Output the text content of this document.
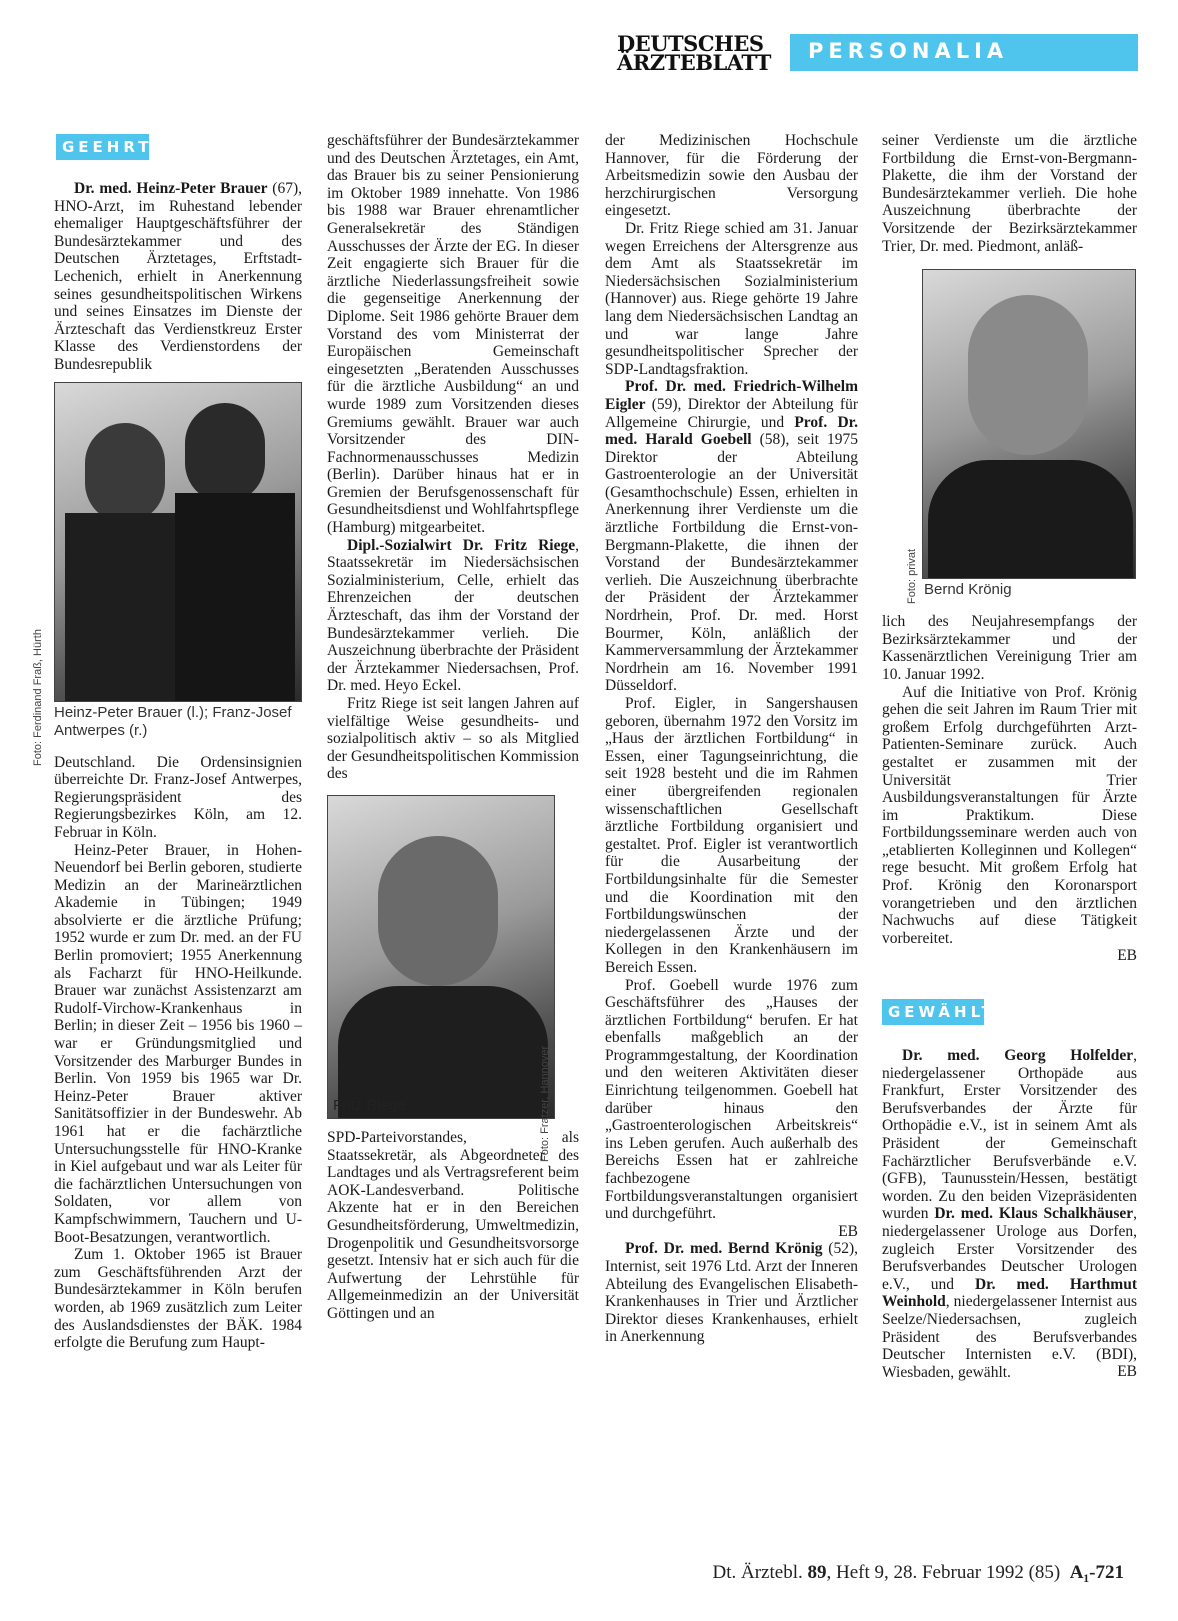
DEUTSCHES
ÄRZTEBLATT	PERSONALIA
GEEHRT

Dr. med. Heinz-Peter Brauer (67), HNO-Arzt, im Ruhestand lebender ehemaliger Hauptgeschäftsführer der Bundesärztekammer und des Deutschen Ärztetages, Erftstadt-Lechenich, erhielt in Anerkennung seines gesundheitspolitischen Wirkens und seines Einsatzes im Dienste der Ärzteschaft das Verdienstkreuz Erster Klasse des Verdienstordens der Bundesrepublik

Foto: Ferdinand Fraß, Hürth Heinz-Peter Brauer (l.); Franz-Josef Antwerpes (r.)

Deutschland. Die Ordensinsignien überreichte Dr. Franz-Josef Antwerpes, Regierungspräsident des Regierungsbezirkes Köln, am 12. Februar in Köln.

Heinz-Peter Brauer, in Hohen-Neuendorf bei Berlin geboren, studierte Medizin an der Marineärztlichen Akademie in Tübingen; 1949 absolvierte er die ärztliche Prüfung; 1952 wurde er zum Dr. med. an der FU Berlin promoviert; 1955 Anerkennung als Facharzt für HNO-Heilkunde. Brauer war zunächst Assistenzarzt am Rudolf-Virchow-Krankenhaus in Berlin; in dieser Zeit – 1956 bis 1960 – war er Gründungsmitglied und Vorsitzender des Marburger Bundes in Berlin. Von 1959 bis 1965 war Dr. Heinz-Peter Brauer aktiver Sanitätsoffizier in der Bundeswehr. Ab 1961 hat er die fachärztliche Untersuchungsstelle für HNO-Kranke in Kiel aufgebaut und war als Leiter für die fachärztlichen Untersuchungen von Soldaten, vor allem von Kampfschwimmern, Tauchern und U-Boot-Besatzungen, verantwortlich.

Zum 1. Oktober 1965 ist Brauer zum Geschäftsführenden Arzt der Bundesärztekammer in Köln berufen worden, ab 1969 zusätzlich zum Leiter des Auslandsdienstes der BÄK. 1984 erfolgte die Berufung zum Haupt-

geschäftsführer der Bundesärztekammer und des Deutschen Ärztetages, ein Amt, das Brauer bis zu seiner Pensionierung im Oktober 1989 innehatte. Von 1986 bis 1988 war Brauer ehrenamtlicher Generalsekretär des Ständigen Ausschusses der Ärzte der EG. In dieser Zeit engagierte sich Brauer für die ärztliche Niederlassungsfreiheit sowie die gegenseitige Anerkennung der Diplome. Seit 1986 gehörte Brauer dem Vorstand des vom Ministerrat der Europäischen Gemeinschaft eingesetzten „Beratenden Ausschusses für die ärztliche Ausbildung“ an und wurde 1989 zum Vorsitzenden dieses Gremiums gewählt. Brauer war auch Vorsitzender des DIN-Fachnormenausschusses Medizin (Berlin). Darüber hinaus hat er in Gremien der Berufsgenossenschaft für Gesundheitsdienst und Wohlfahrtspflege (Hamburg) mitgearbeitet.

Dipl.-Sozialwirt Dr. Fritz Riege, Staatssekretär im Niedersächsischen Sozialministerium, Celle, erhielt das Ehrenzeichen der deutschen Ärzteschaft, das ihm der Vorstand der Bundesärztekammer verlieh. Die Auszeichnung überbrachte der Präsident der Ärztekammer Niedersachsen, Prof. Dr. med. Heyo Eckel.

Fritz Riege ist seit langen Jahren auf vielfältige Weise gesundheits- und sozialpolitisch aktiv – so als Mitglied der Gesundheitspolitischen Kommission des

Foto: Fratzer, Hannover

Fritz Riege

SPD-Parteivorstandes, als Staatssekretär, als Abgeordneter des Landtages und als Vertragsreferent beim AOK-Landesverband. Politische Akzente hat er in den Bereichen Gesundheitsförderung, Umweltmedizin, Drogenpolitik und Gesundheitsvorsorge gesetzt. Intensiv hat er sich auch für die Aufwertung der Lehrstühle für Allgemeinmedizin an der Universität Göttingen und an

der Medizinischen Hochschule Hannover, für die Förderung der Arbeitsmedizin sowie den Ausbau der herzchirurgischen Versorgung eingesetzt.

Dr. Fritz Riege schied am 31. Januar wegen Erreichens der Altersgrenze aus dem Amt als Staatssekretär im Niedersächsischen Sozialministerium (Hannover) aus. Riege gehörte 19 Jahre lang dem Niedersächsischen Landtag an und war lange Jahre gesundheitspolitischer Sprecher der SDP-Landtagsfraktion.

Prof. Dr. med. Friedrich-Wilhelm Eigler (59), Direktor der Abteilung für Allgemeine Chirurgie, und Prof. Dr. med. Harald Goebell (58), seit 1975 Direktor der Abteilung Gastroenterologie an der Universität (Gesamthochschule) Essen, erhielten in Anerkennung ihrer Verdienste um die ärztliche Fortbildung die Ernst-von-Bergmann-Plakette, die ihnen der Vorstand der Bundesärztekammer verlieh. Die Auszeichnung überbrachte der Präsident der Ärztekammer Nordrhein, Prof. Dr. med. Horst Bourmer, Köln, anläßlich der Kammerversammlung der Ärztekammer Nordrhein am 16. November 1991 Düsseldorf.

Prof. Eigler, in Sangershausen geboren, übernahm 1972 den Vorsitz im „Haus der ärztlichen Fortbildung“ in Essen, einer Tagungseinrichtung, die seit 1928 besteht und die im Rahmen einer übergreifenden regionalen wissenschaftlichen Gesellschaft ärztliche Fortbildung organisiert und gestaltet. Prof. Eigler ist verantwortlich für die Ausarbeitung der Fortbildungsinhalte für die Semester und die Koordination mit den Fortbildungswünschen der niedergelassenen Ärzte und der Kollegen in den Krankenhäusern im Bereich Essen.

Prof. Goebell wurde 1976 zum Geschäftsführer des „Hauses der ärztlichen Fortbildung“ berufen. Er hat ebenfalls maßgeblich an der Programmgestaltung, der Koordination und den weiteren Aktivitäten dieser Einrichtung teilgenommen. Goebell hat darüber hinaus den „Gastroenterologischen Arbeitskreis“ ins Leben gerufen. Auch außerhalb des Bereichs Essen hat er zahlreiche fachbezogene Fortbildungsveranstaltungen organisiert und durchgeführt.

EB

Prof. Dr. med. Bernd Krönig (52), Internist, seit 1976 Ltd. Arzt der Inneren Abteilung des Evangelischen Elisabeth-Krankenhauses in Trier und Ärztlicher Direktor dieses Krankenhauses, erhielt in Anerkennung

seiner Verdienste um die ärztliche Fortbildung die Ernst-von-Bergmann-Plakette, die ihm der Vorstand der Bundesärztekammer verlieh. Die hohe Auszeichnung überbrachte der Vorsitzende der Bezirksärztekammer Trier, Dr. med. Piedmont, anläß-

Foto: privat Bernd Krönig

lich des Neujahresempfangs der Bezirksärztekammer und der Kassenärztlichen Vereinigung Trier am 10. Januar 1992.

Auf die Initiative von Prof. Krönig gehen die seit Jahren im Raum Trier mit großem Erfolg durchgeführten Arzt-Patienten-Seminare zurück. Auch gestaltet er zusammen mit der Universität Trier Ausbildungsveranstaltungen für Ärzte im Praktikum. Diese Fortbildungsseminare werden auch von „etablierten Kolleginnen und Kollegen“ rege besucht. Mit großem Erfolg hat Prof. Krönig den Koronarsport vorangetrieben und den ärztlichen Nachwuchs auf diese Tätigkeit vorbereitet.

EB

GEWÄHLT

Dr. med. Georg Holfelder, niedergelassener Orthopäde aus Frankfurt, Erster Vorsitzender des Berufsverbandes der Ärzte für Orthopädie e.V., ist in seinem Amt als Präsident der Gemeinschaft Fachärztlicher Berufsverbände e.V. (GFB), Taunusstein/Hessen, bestätigt worden. Zu den beiden Vizepräsidenten wurden Dr. med. Klaus Schalkhäuser, niedergelassener Urologe aus Dorfen, zugleich Erster Vorsitzender des Berufsverbandes Deutscher Urologen e.V., und Dr. med. Harthmut Weinhold, niedergelassener Internist aus Seelze/Niedersachsen, zugleich Präsident des Berufsverbandes Deutscher Internisten e.V. (BDI), Wiesbaden, gewählt.	EB

Dt. Ärztebl. 89, Heft 9, 28. Februar 1992 (85) A₁-721
